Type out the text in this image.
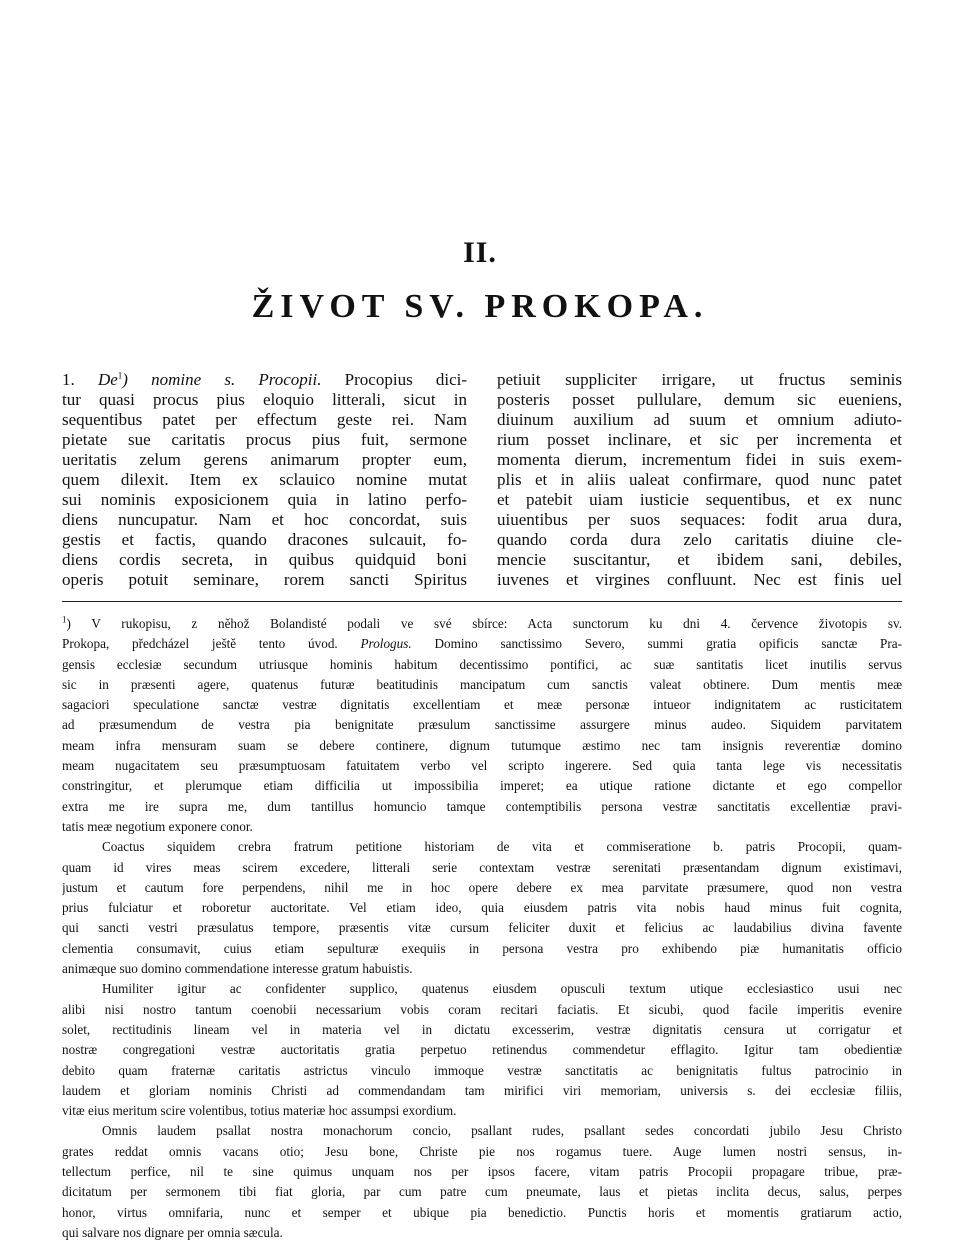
II.
ŽIVOT SV. PROKOPA.
1. De$^1$) nomine s. Procopii. Procopius dici-
tur quasi procus pius eloquio litterali, sicut in
sequentibus patet per effectum geste rei. Nam
pietate sue caritatis procus pius fuit, sermone
ueritatis zelum gerens animarum propter eum,
quem dilexit. Item ex sclauico nomine mutat
sui nominis exposicionem quia in latino perfo-
diens nuncupatur. Nam et hoc concordat, suis
gestis et factis, quando dracones sulcauit, fo-
diens cordis secreta, in quibus quidquid boni
operis potuit seminare, rorem sancti Spiritus
petiuit suppliciter irrigare, ut fructus seminis
posteris posset pullulare, demum sic eueniens,
diuinum auxilium ad suum et omnium adiuto-
rium posset inclinare, et sic per incrementa et
momenta dierum, incrementum fidei in suis exem-
plis et in aliis ualeat confirmare, quod nunc patet
et patebit uiam iusticie sequentibus, et ex nunc
uiuentibus per suos sequaces: fodit arua dura,
quando corda dura zelo caritatis diuine cle-
mencie suscitantur, et ibidem sani, debiles,
iuvenes et virgines confluunt. Nec est finis uel
$^1$) V rukopisu, z něhož Bolandisté podali ve své sbírce: Acta sunctorum ku dni 4. července životopis sv.
Prokopa, předcházel ještě tento úvod. Prologus. Domino sanctissimo Severo, summi gratia opificis sanctæ Pra-
gensis ecclesiæ secundum utriusque hominis habitum decentissimo pontifici, ac suæ santitatis licet inutilis servus
sic in præsenti agere, quatenus futuræ beatitudinis mancipatum cum sanctis valeat obtinere. Dum mentis meæ
sagaciori speculatione sanctæ vestræ dignitatis excellentiam et meæ personæ intueor indignitatem ac rusticitatem
ad præsumendum de vestra pia benignitate præsulum sanctissime assurgere minus audeo. Siquidem parvitatem
meam infra mensuram suam se debere continere, dignum tutumque æstimo nec tam insignis reverentiæ domino
meam nugacitatem seu præsumptuosam fatuitatem verbo vel scripto ingerere. Sed quia tanta lege vis necessitatis
constringitur, et plerumque etiam difficilia ut impossibilia imperet; ea utique ratione dictante et ego compellor
extra me ire supra me, dum tantillus homuncio tamque contemptibilis persona vestræ sanctitatis excellentiæ pravi-
tatis meæ negotium exponere conor.
Coactus siquidem crebra fratrum petitione historiam de vita et commiseratione b. patris Procopii, quam-
quam id vires meas scirem excedere, litterali serie contextam vestræ serenitati præsentandam dignum existimavi,
justum et cautum fore perpendens, nihil me in hoc opere debere ex mea parvitate præsumere, quod non vestra
prius fulciatur et roboretur auctoritate. Vel etiam ideo, quia eiusdem patris vita nobis haud minus fuit cognita,
qui sancti vestri præsulatus tempore, præsentis vitæ cursum feliciter duxit et felicius ac laudabilius divina favente
clementia consumavit, cuius etiam sepulturæ exequiis in persona vestra pro exhibendo piæ humanitatis officio
animæque suo domino commendatione interesse gratum habuistis.
Humiliter igitur ac confidenter supplico, quatenus eiusdem opusculi textum utique ecclesiastico usui nec
alibi nisi nostro tantum coenobii necessarium vobis coram recitari faciatis. Et sicubi, quod facile imperitis evenire
solet, rectitudinis lineam vel in materia vel in dictatu excesserim, vestræ dignitatis censura ut corrigatur et
nostræ congregationi vestræ auctoritatis gratia perpetuo retinendus commendetur efflagito. Igitur tam obedientiæ
debito quam fraternæ caritatis astrictus vinculo immoque vestræ sanctitatis ac benignitatis fultus patrocinio in
laudem et gloriam nominis Christi ad commendandam tam mirifici viri memoriam, universis s. dei ecclesiæ filiis,
vitæ eius meritum scire volentibus, totius materiæ hoc assumpsi exordium.
Omnis laudem psallat nostra monachorum concio, psallant rudes, psallant sedes concordati jubilo Jesu Christo
grates reddat omnis vacans otio; Jesu bone, Christe pie nos rogamus tuere. Auge lumen nostri sensus, in-
tellectum perfice, nil te sine quimus unquam nos per ipsos facere, vitam patris Procopii propagare tribue, præ-
dicitatum per sermonem tibi fiat gloria, par cum patre cum pneumate, laus et pietas inclita decus, salus, perpes
honor, virtus omnifaria, nunc et semper et ubique pia benedictio. Punctis horis et momentis gratiarum actio,
qui salvare nos dignare per omnia sæcula.
